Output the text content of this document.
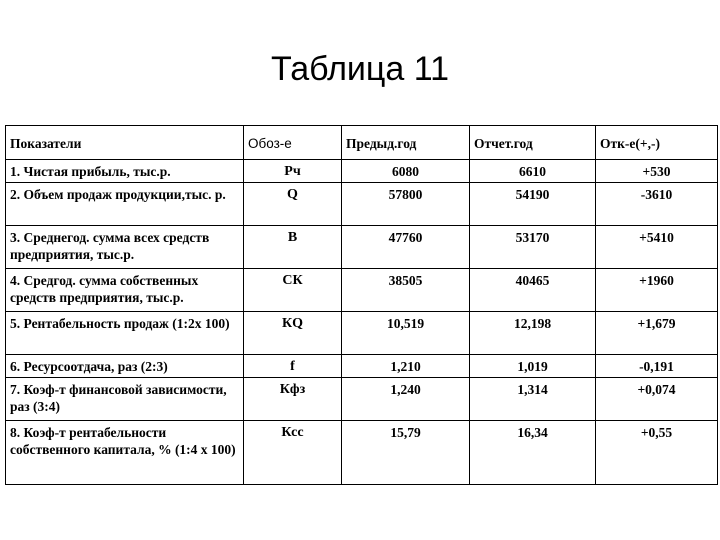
Таблица 11
Показатели	Обоз-е	Предыд.год	Отчет.год	Отк-е(+,-)
1. Чистая прибыль, тыс.р.	Рч	6080	6610	+530
2. Объем продаж продукции,тыс. р.	Q	57800	54190	-3610
3. Среднегод. сумма всех средств предприятия, тыс.р.	В	47760	53170	+5410
4. Средгод. сумма собственных средств предприятия, тыс.р.	СК	38505	40465	+1960
5. Рентабельность продаж (1:2х 100)	КQ	10,519	12,198	+1,679
6. Ресурсоотдача, раз (2:3)	f	1,210	1,019	-0,191
7. Коэф-т финансовой зависимости, раз (3:4)	Кфз	1,240	1,314	+0,074
8. Коэф-т рентабельности собственного капитала, % (1:4 х 100)	Ксс	15,79	16,34	+0,55
